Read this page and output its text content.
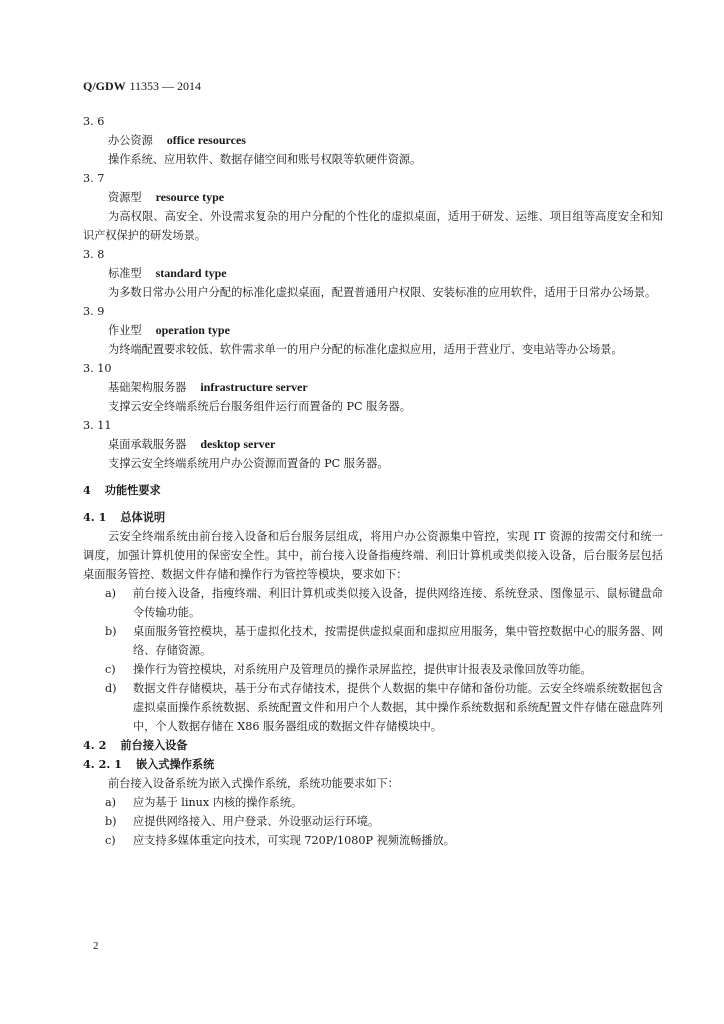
Q/GDW 11353 — 2014
3. 6
办公资源 office resources
操作系统、应用软件、数据存储空间和账号权限等软硬件资源。
3. 7
资源型 resource type
为高权限、高安全、外设需求复杂的用户分配的个性化的虚拟桌面，适用于研发、运维、项目组等高度安全和知识产权保护的研发场景。
3. 8
标准型 standard type
为多数日常办公用户分配的标准化虚拟桌面，配置普通用户权限、安装标准的应用软件，适用于日常办公场景。
3. 9
作业型 operation type
为终端配置要求较低、软件需求单一的用户分配的标准化虚拟应用，适用于营业厅、变电站等办公场景。
3. 10
基础架构服务器 infrastructure server
支撑云安全终端系统后台服务组件运行而置备的 PC 服务器。
3. 11
桌面承载服务器 desktop server
支撑云安全终端系统用户办公资源而置备的 PC 服务器。
4 功能性要求
4. 1 总体说明
云安全终端系统由前台接入设备和后台服务层组成，将用户办公资源集中管控，实现 IT 资源的按需交付和统一调度，加强计算机使用的保密安全性。其中，前台接入设备指瘦终端、利旧计算机或类似接入设备，后台服务层包括桌面服务管控、数据文件存储和操作行为管控等模块，要求如下：
a) 前台接入设备，指瘦终端、利旧计算机或类似接入设备，提供网络连接、系统登录、图像显示、鼠标键盘命令传输功能。
b) 桌面服务管控模块，基于虚拟化技术，按需提供虚拟桌面和虚拟应用服务，集中管控数据中心的服务器、网络、存储资源。
c) 操作行为管控模块，对系统用户及管理员的操作录屏监控，提供审计报表及录像回放等功能。
d) 数据文件存储模块，基于分布式存储技术，提供个人数据的集中存储和备份功能。云安全终端系统数据包含虚拟桌面操作系统数据、系统配置文件和用户个人数据，其中操作系统数据和系统配置文件存储在磁盘阵列中，个人数据存储在 X86 服务器组成的数据文件存储模块中。
4. 2 前台接入设备
4. 2. 1 嵌入式操作系统
前台接入设备系统为嵌入式操作系统，系统功能要求如下：
a) 应为基于 linux 内核的操作系统。
b) 应提供网络接入、用户登录、外设驱动运行环境。
c) 应支持多媒体重定向技术，可实现 720P/1080P 视频流畅播放。
2
